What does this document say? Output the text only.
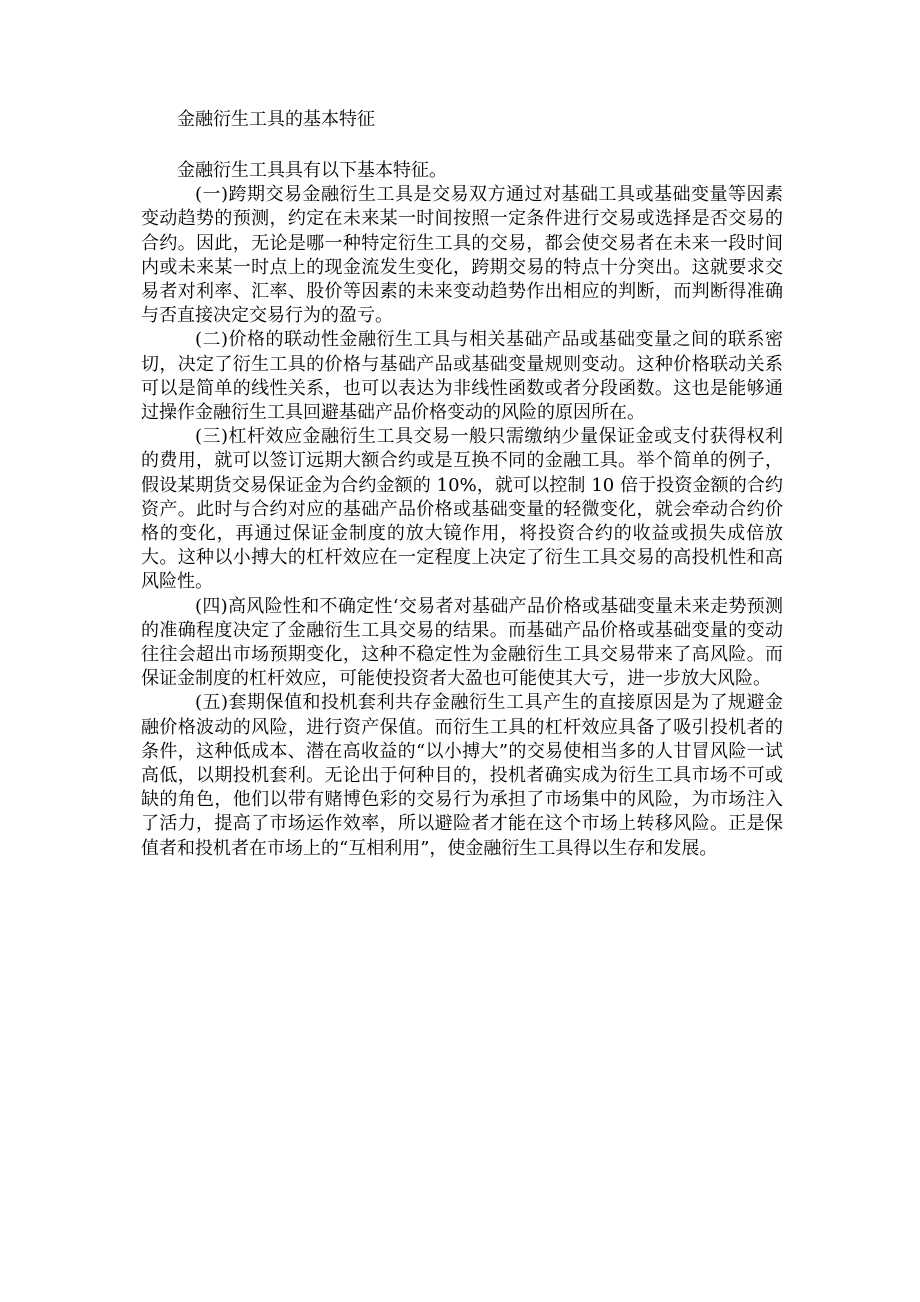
金融衍生工具的基本特征

金融衍生工具具有以下基本特征。

(一)跨期交易金融衍生工具是交易双方通过对基础工具或基础变量等因素变动趋势的预测，约定在未来某一时间按照一定条件进行交易或选择是否交易的合约。因此，无论是哪一种特定衍生工具的交易，都会使交易者在未来一段时间内或未来某一时点上的现金流发生变化，跨期交易的特点十分突出。这就要求交易者对利率、汇率、股价等因素的未来变动趋势作出相应的判断，而判断得准确与否直接决定交易行为的盈亏。

(二)价格的联动性金融衍生工具与相关基础产品或基础变量之间的联系密切，决定了衍生工具的价格与基础产品或基础变量规则变动。这种价格联动关系可以是简单的线性关系，也可以表达为非线性函数或者分段函数。这也是能够通过操作金融衍生工具回避基础产品价格变动的风险的原因所在。

(三)杠杆效应金融衍生工具交易一般只需缴纳少量保证金或支付获得权利的费用，就可以签订远期大额合约或是互换不同的金融工具。举个简单的例子，假设某期货交易保证金为合约金额的 10%，就可以控制 10 倍于投资金额的合约资产。此时与合约对应的基础产品价格或基础变量的轻微变化，就会牵动合约价格的变化，再通过保证金制度的放大镜作用，将投资合约的收益或损失成倍放大。这种以小搏大的杠杆效应在一定程度上决定了衍生工具交易的高投机性和高风险性。

(四)高风险性和不确定性‘交易者对基础产品价格或基础变量未来走势预测的准确程度决定了金融衍生工具交易的结果。而基础产品价格或基础变量的变动往往会超出市场预期变化，这种不稳定性为金融衍生工具交易带来了高风险。而保证金制度的杠杆效应，可能使投资者大盈也可能使其大亏，进一步放大风险。

(五)套期保值和投机套利共存金融衍生工具产生的直接原因是为了规避金融价格波动的风险，进行资产保值。而衍生工具的杠杆效应具备了吸引投机者的条件，这种低成本、潜在高收益的“以小搏大”的交易使相当多的人甘冒风险一试高低，以期投机套利。无论出于何种目的，投机者确实成为衍生工具市场不可或缺的角色，他们以带有赌博色彩的交易行为承担了市场集中的风险，为市场注入了活力，提高了市场运作效率，所以避险者才能在这个市场上转移风险。正是保值者和投机者在市场上的“互相利用”，使金融衍生工具得以生存和发展。
